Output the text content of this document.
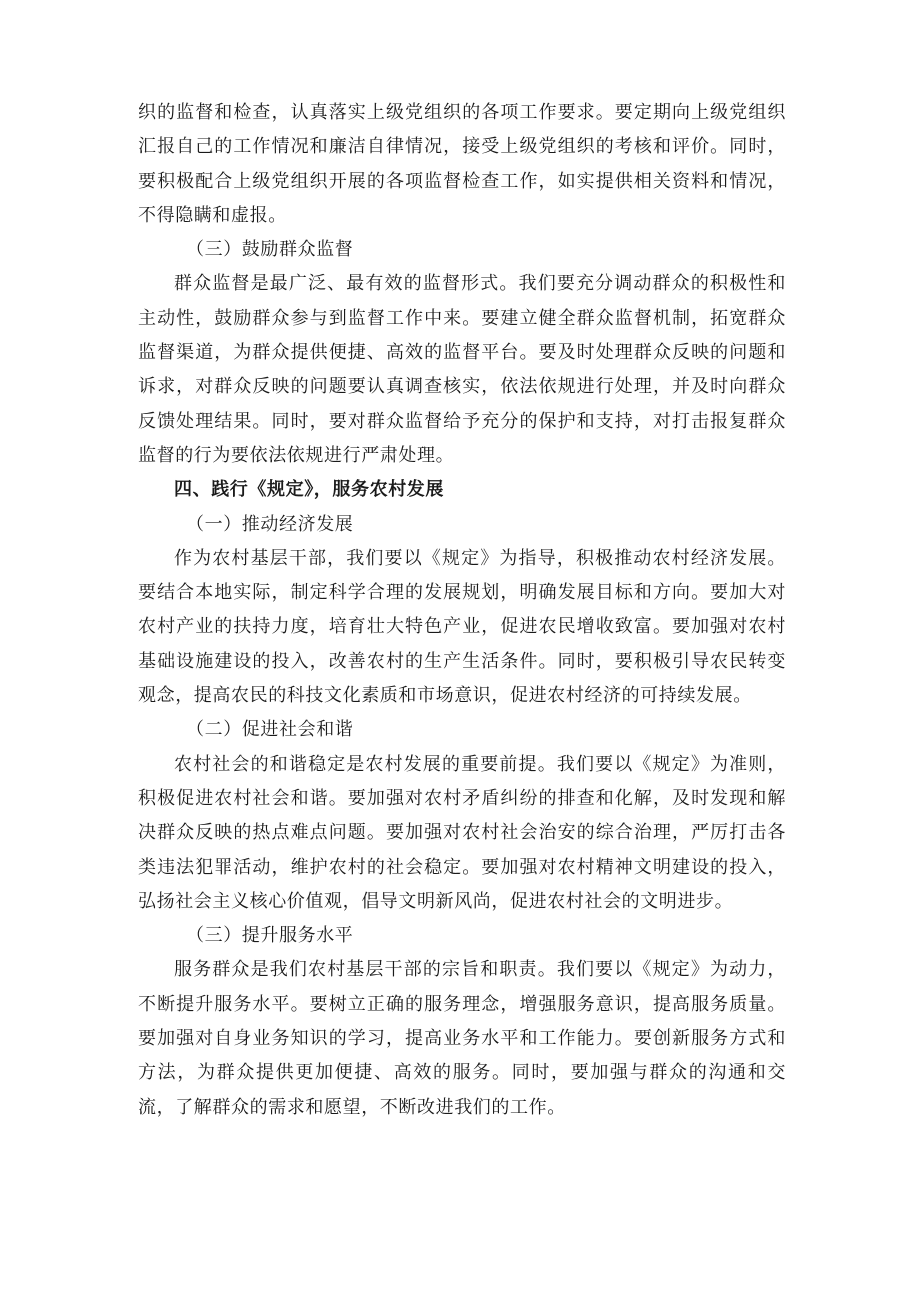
织的监督和检查，认真落实上级党组织的各项工作要求。要定期向上级党组织汇报自己的工作情况和廉洁自律情况，接受上级党组织的考核和评价。同时，要积极配合上级党组织开展的各项监督检查工作，如实提供相关资料和情况，不得隐瞒和虚报。

（三）鼓励群众监督

群众监督是最广泛、最有效的监督形式。我们要充分调动群众的积极性和主动性，鼓励群众参与到监督工作中来。要建立健全群众监督机制，拓宽群众监督渠道，为群众提供便捷、高效的监督平台。要及时处理群众反映的问题和诉求，对群众反映的问题要认真调查核实，依法依规进行处理，并及时向群众反馈处理结果。同时，要对群众监督给予充分的保护和支持，对打击报复群众监督的行为要依法依规进行严肃处理。

四、践行《规定》，服务农村发展

（一）推动经济发展

作为农村基层干部，我们要以《规定》为指导，积极推动农村经济发展。要结合本地实际，制定科学合理的发展规划，明确发展目标和方向。要加大对农村产业的扶持力度，培育壮大特色产业，促进农民增收致富。要加强对农村基础设施建设的投入，改善农村的生产生活条件。同时，要积极引导农民转变观念，提高农民的科技文化素质和市场意识，促进农村经济的可持续发展。

（二）促进社会和谐

农村社会的和谐稳定是农村发展的重要前提。我们要以《规定》为准则，积极促进农村社会和谐。要加强对农村矛盾纠纷的排查和化解，及时发现和解决群众反映的热点难点问题。要加强对农村社会治安的综合治理，严厉打击各类违法犯罪活动，维护农村的社会稳定。要加强对农村精神文明建设的投入，弘扬社会主义核心价值观，倡导文明新风尚，促进农村社会的文明进步。

（三）提升服务水平

服务群众是我们农村基层干部的宗旨和职责。我们要以《规定》为动力，不断提升服务水平。要树立正确的服务理念，增强服务意识，提高服务质量。要加强对自身业务知识的学习，提高业务水平和工作能力。要创新服务方式和方法，为群众提供更加便捷、高效的服务。同时，要加强与群众的沟通和交流，了解群众的需求和愿望，不断改进我们的工作。
